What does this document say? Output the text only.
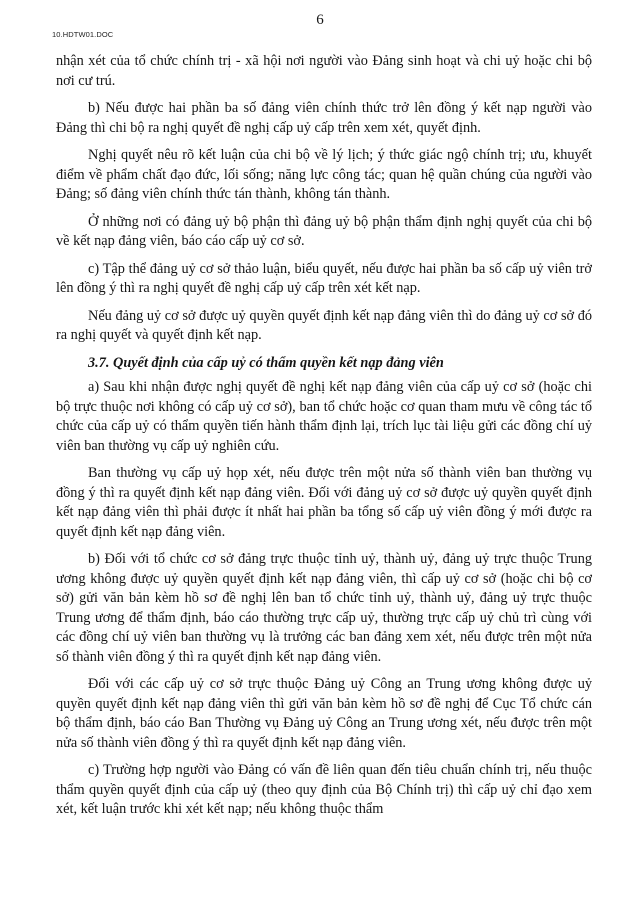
10.HDTW01.DOC
6

nhận xét của tổ chức chính trị - xã hội nơi người vào Đảng sinh hoạt và chi uỷ hoặc chi bộ nơi cư trú.

b) Nếu được hai phần ba số đảng viên chính thức trở lên đồng ý kết nạp người vào Đảng thì chi bộ ra nghị quyết đề nghị cấp uỷ cấp trên xem xét, quyết định.

Nghị quyết nêu rõ kết luận của chi bộ về lý lịch; ý thức giác ngộ chính trị; ưu, khuyết điểm về phẩm chất đạo đức, lối sống; năng lực công tác; quan hệ quần chúng của người vào Đảng; số đảng viên chính thức tán thành, không tán thành.

Ở những nơi có đảng uỷ bộ phận thì đảng uỷ bộ phận thẩm định nghị quyết của chi bộ về kết nạp đảng viên, báo cáo cấp uỷ cơ sở.

c) Tập thể đảng uỷ cơ sở thảo luận, biểu quyết, nếu được hai phần ba số cấp uỷ viên trở lên đồng ý thì ra nghị quyết đề nghị cấp uỷ cấp trên xét kết nạp.

Nếu đảng uỷ cơ sở được uỷ quyền quyết định kết nạp đảng viên thì do đảng uỷ cơ sở đó ra nghị quyết và quyết định kết nạp.

3.7. Quyết định của cấp uỷ có thẩm quyền kết nạp đảng viên

a) Sau khi nhận được nghị quyết đề nghị kết nạp đảng viên của cấp uỷ cơ sở (hoặc chi bộ trực thuộc nơi không có cấp uỷ cơ sở), ban tổ chức hoặc cơ quan tham mưu về công tác tổ chức của cấp uỷ có thẩm quyền tiến hành thẩm định lại, trích lục tài liệu gửi các đồng chí uỷ viên ban thường vụ cấp uỷ nghiên cứu.

Ban thường vụ cấp uỷ họp xét, nếu được trên một nửa số thành viên ban thường vụ đồng ý thì ra quyết định kết nạp đảng viên. Đối với đảng uỷ cơ sở được uỷ quyền quyết định kết nạp đảng viên thì phải được ít nhất hai phần ba tổng số cấp uỷ viên đồng ý mới được ra quyết định kết nạp đảng viên.

b) Đối với tổ chức cơ sở đảng trực thuộc tỉnh uỷ, thành uỷ, đảng uỷ trực thuộc Trung ương không được uỷ quyền quyết định kết nạp đảng viên, thì cấp uỷ cơ sở (hoặc chi bộ cơ sở) gửi văn bản kèm hồ sơ đề nghị lên ban tổ chức tỉnh uỷ, thành uỷ, đảng uỷ trực thuộc Trung ương để thẩm định, báo cáo thường trực cấp uỷ, thường trực cấp uỷ chủ trì cùng với các đồng chí uỷ viên ban thường vụ là trưởng các ban đảng xem xét, nếu được trên một nửa số thành viên đồng ý thì ra quyết định kết nạp đảng viên.

Đối với các cấp uỷ cơ sở trực thuộc Đảng uỷ Công an Trung ương không được uỷ quyền quyết định kết nạp đảng viên thì gửi văn bản kèm hồ sơ đề nghị để Cục Tổ chức cán bộ thẩm định, báo cáo Ban Thường vụ Đảng uỷ Công an Trung ương xét, nếu được trên một nửa số thành viên đồng ý thì ra quyết định kết nạp đảng viên.

c) Trường hợp người vào Đảng có vấn đề liên quan đến tiêu chuẩn chính trị, nếu thuộc thẩm quyền quyết định của cấp uỷ (theo quy định của Bộ Chính trị) thì cấp uỷ chỉ đạo xem xét, kết luận trước khi xét kết nạp; nếu không thuộc thẩm
